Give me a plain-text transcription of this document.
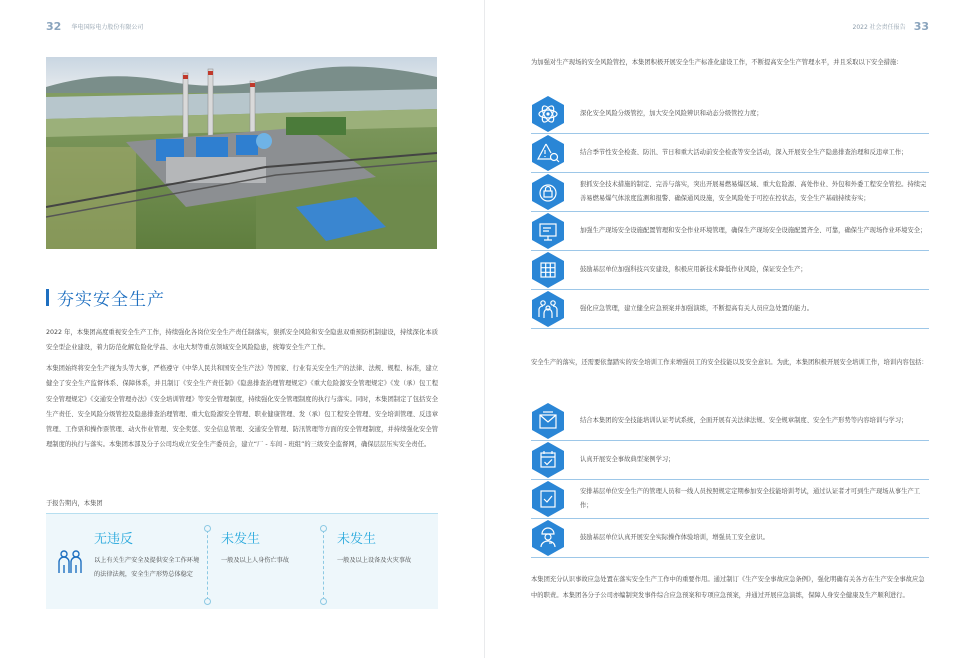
32 华电国际电力股份有限公司
夯实安全生产

2022 年，本集团高度重视安全生产工作，持续强化各岗位安全生产责任制落实，狠抓安全风险和安全隐患双重预防机制建设，持续深化本质安全型企业建设，着力防范化解危险化学品、水电大坝等重点领域安全风险隐患，统筹安全生产工作。

本集团始终将安全生产视为头等大事，严格遵守《中华人民共和国安全生产法》等国家、行业有关安全生产的法律、法规、规程、标准，建立健全了安全生产监督体系、保障体系，并且制订《安全生产责任制》《隐患排查治理管理规定》《重大危险源安全管理规定》《发（承）包工程安全管理规定》《交通安全管理办法》《安全培训管理》等安全管理制度，持续强化安全管理制度的执行与落实。同时，本集团制定了包括安全生产责任、安全风险分级管控及隐患排查治理管理、重大危险源安全管理、职业健康管理、发（承）包工程安全管理、安全培训管理、反违章管理、工作票和操作票管理、动火作业管理、安全奖惩、安全信息管理、交通安全管理、防汛管理等方面的安全管理制度，并持续强化安全管理制度的执行与落实。本集团本部及分子公司均成立安全生产委员会，建立“厂 - 车间 - 班组”的三级安全监督网，确保层层压实安全责任。

于报告期内，本集团
无违反
以上有关生产安全及提供安全工作环境的法律法规，安全生产形势总体稳定
未发生
一般及以上人身伤亡事故
未发生
一般及以上设备及火灾事故
2022 社会责任报告 33

为加强对生产现场的安全风险管控，本集团积极开展安全生产标准化建设工作，不断提高安全生产管理水平，并且采取以下安全措施：

深化安全风险分级管控，加大安全风险辨识和动态分级管控力度；
结合季节性安全检查、防汛、节日和重大活动前安全检查等安全活动，深入开展安全生产隐患排查治理和反违章工作；
狠抓安全技术措施的制定、完善与落实，突出开展易燃易爆区域、重大危险源、高处作业、外包和外委工程安全管控。持续完善易燃易爆气体浓度监测和报警、确保通风设施，安全风险处于可控在控状态，安全生产基础持续夯实；
加强生产现场安全设施配置管理和安全作业环境管理，确保生产现场安全设施配置齐全、可靠，确保生产现场作业环境安全；
鼓励基层单位加强科技兴安建设，积极应用新技术降低作业风险，保证安全生产；
强化应急管理，建立健全应急预案并加强演练，不断提高有关人员应急处置的能力。

安全生产的落实，还需要依靠踏实的安全培训工作来增强员工的安全技能以及安全意识。为此，本集团积极开展安全培训工作，培训内容包括：

结合本集团的安全技能培训认证考试系统，全面开展有关法律法规、安全规章制度、安全生产形势等内容培训与学习；
认真开展安全事故典型案例学习；
安排基层单位安全生产的管理人员和一线人员按照规定定期参加安全技能培训考试，通过认证者才可到生产现场从事生产工作；
鼓励基层单位认真开展安全实际操作体验培训，增强员工安全意识。

本集团充分认识事故应急处置在落实安全生产工作中的重要作用。通过制订《生产安全事故应急条例》，强化明确有关各方在生产安全事故应急中的职责。本集团各分子公司亦编制突发事件综合应急预案和专项应急预案，并通过开展应急演练，保障人身安全健康及生产顺利进行。
